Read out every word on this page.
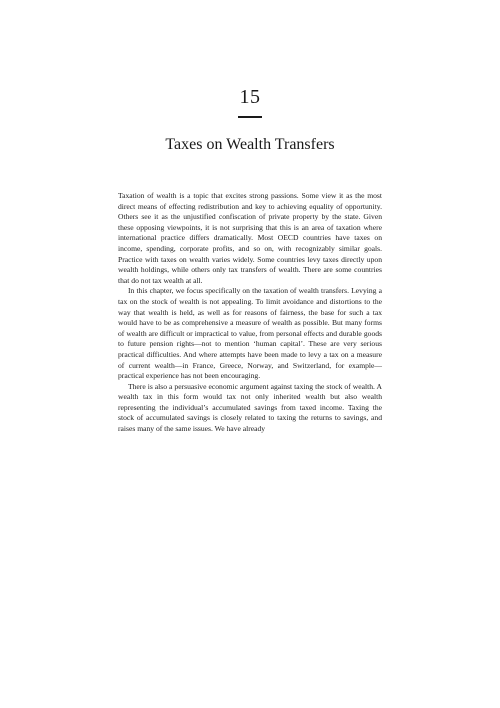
15
Taxes on Wealth Transfers

Taxation of wealth is a topic that excites strong passions. Some view it as the most direct means of effecting redistribution and key to achieving equality of opportunity. Others see it as the unjustified confiscation of private property by the state. Given these opposing viewpoints, it is not surprising that this is an area of taxation where international practice differs dramatically. Most OECD countries have taxes on income, spending, corporate profits, and so on, with recognizably similar goals. Practice with taxes on wealth varies widely. Some countries levy taxes directly upon wealth holdings, while others only tax transfers of wealth. There are some countries that do not tax wealth at all.

In this chapter, we focus specifically on the taxation of wealth transfers. Levying a tax on the stock of wealth is not appealing. To limit avoidance and distortions to the way that wealth is held, as well as for reasons of fairness, the base for such a tax would have to be as comprehensive a measure of wealth as possible. But many forms of wealth are difficult or impractical to value, from personal effects and durable goods to future pension rights—not to mention ‘human capital’. These are very serious practical difficulties. And where attempts have been made to levy a tax on a measure of current wealth—in France, Greece, Norway, and Switzerland, for example—practical experience has not been encouraging.

There is also a persuasive economic argument against taxing the stock of wealth. A wealth tax in this form would tax not only inherited wealth but also wealth representing the individual’s accumulated savings from taxed income. Taxing the stock of accumulated savings is closely related to taxing the returns to savings, and raises many of the same issues. We have already
